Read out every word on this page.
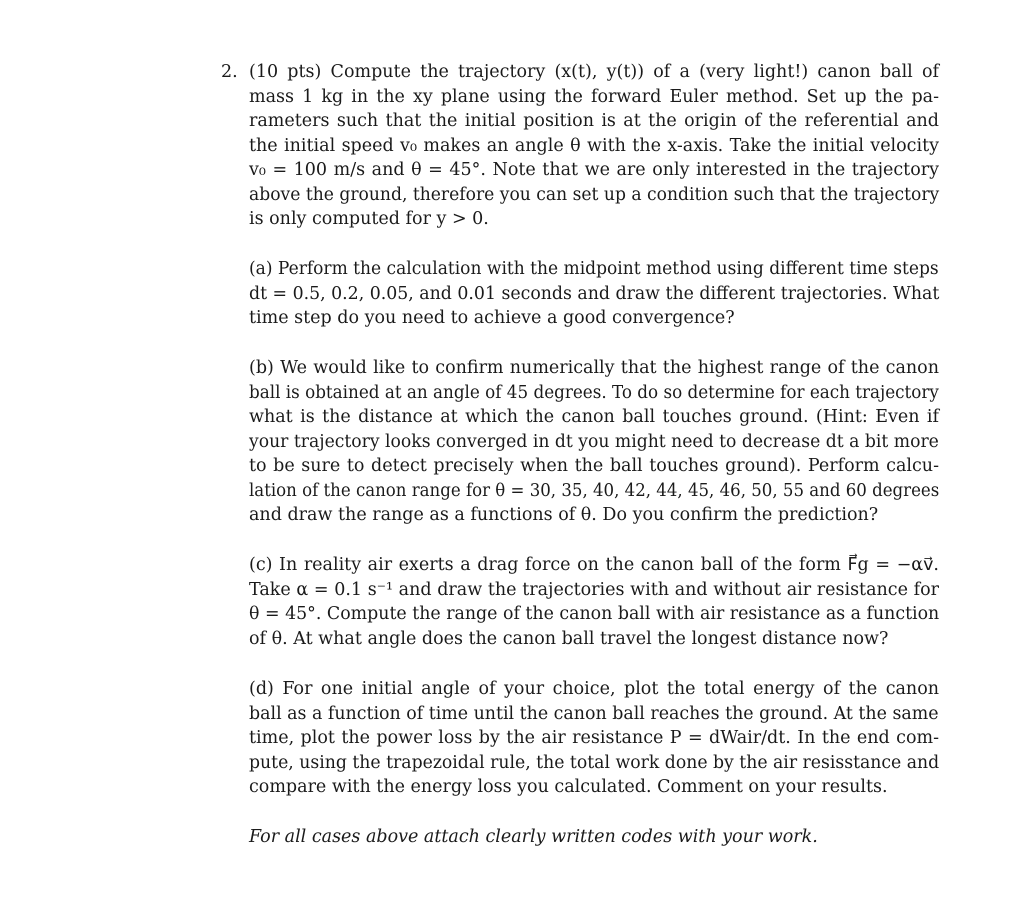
2. (10 pts) Compute the trajectory (x(t), y(t)) of a (very light!) canon ball of
mass 1 kg in the xy plane using the forward Euler method. Set up the pa-
rameters such that the initial position is at the origin of the referential and
the initial speed v₀ makes an angle θ with the x-axis. Take the initial velocity
v₀ = 100 m/s and θ = 45°. Note that we are only interested in the trajectory
above the ground, therefore you can set up a condition such that the trajectory
is only computed for y > 0.
(a) Perform the calculation with the midpoint method using different time steps
dt = 0.5, 0.2, 0.05, and 0.01 seconds and draw the different trajectories. What
time step do you need to achieve a good convergence?
(b) We would like to confirm numerically that the highest range of the canon
ball is obtained at an angle of 45 degrees. To do so determine for each trajectory
what is the distance at which the canon ball touches ground. (Hint: Even if
your trajectory looks converged in dt you might need to decrease dt a bit more
to be sure to detect precisely when the ball touches ground). Perform calcu-
lation of the canon range for θ = 30, 35, 40, 42, 44, 45, 46, 50, 55 and 60 degrees
and draw the range as a functions of θ. Do you confirm the prediction?
(c) In reality air exerts a drag force on the canon ball of the form F⃗g = −αv⃗.
Take α = 0.1 s⁻¹ and draw the trajectories with and without air resistance for
θ = 45°. Compute the range of the canon ball with air resistance as a function
of θ. At what angle does the canon ball travel the longest distance now?
(d) For one initial angle of your choice, plot the total energy of the canon
ball as a function of time until the canon ball reaches the ground. At the same
time, plot the power loss by the air resistance P = dWair/dt. In the end com-
pute, using the trapezoidal rule, the total work done by the air resisstance and
compare with the energy loss you calculated. Comment on your results.
For all cases above attach clearly written codes with your work.
